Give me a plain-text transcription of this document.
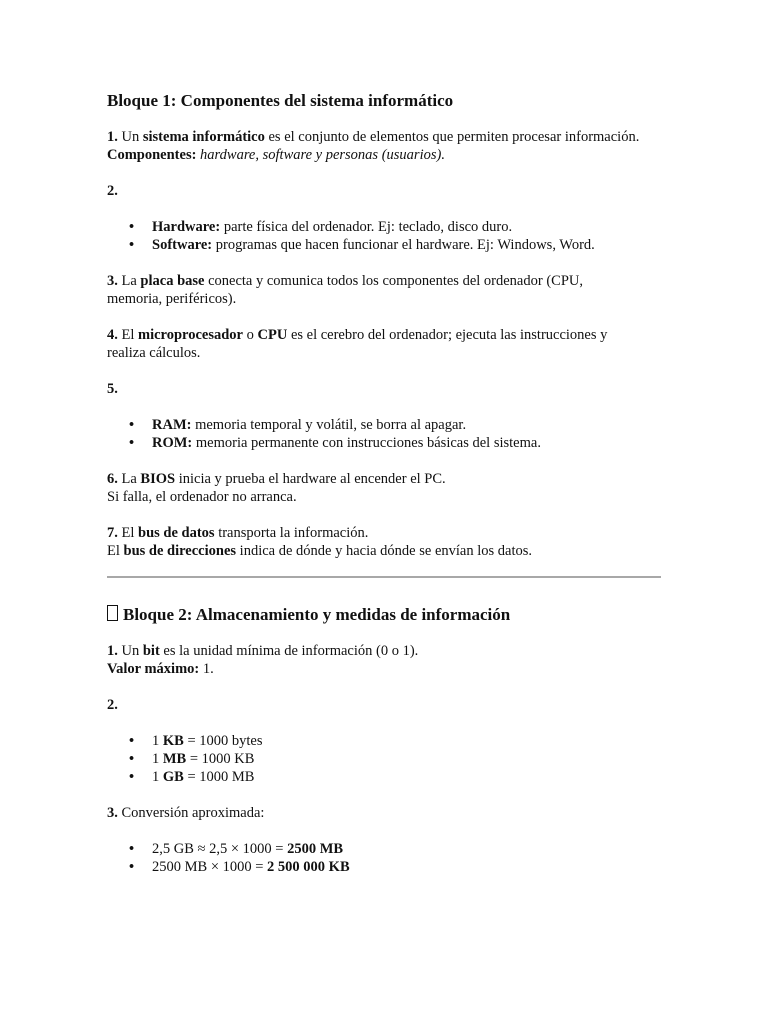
Bloque 1: Componentes del sistema informático

1. Un sistema informático es el conjunto de elementos que permiten procesar información.

Componentes: hardware, software y personas (usuarios).

2.

• Hardware: parte física del ordenador. Ej: teclado, disco duro.
• Software: programas que hacen funcionar el hardware. Ej: Windows, Word.

3. La placa base conecta y comunica todos los componentes del ordenador (CPU,

memoria, periféricos).

4. El microprocesador o CPU es el cerebro del ordenador; ejecuta las instrucciones y

realiza cálculos.

5.

• RAM: memoria temporal y volátil, se borra al apagar.
• ROM: memoria permanente con instrucciones básicas del sistema.

6. La BIOS inicia y prueba el hardware al encender el PC.

Si falla, el ordenador no arranca.

7. El bus de datos transporta la información.

El bus de direcciones indica de dónde y hacia dónde se envían los datos.

Bloque 2: Almacenamiento y medidas de información

1. Un bit es la unidad mínima de información (0 o 1).

Valor máximo: 1.

2.

• 1 KB = 1000 bytes
• 1 MB = 1000 KB
• 1 GB = 1000 MB

3. Conversión aproximada:

• 2,5 GB ≈ 2,5 × 1000 = 2500 MB
• 2500 MB × 1000 = 2 500 000 KB
